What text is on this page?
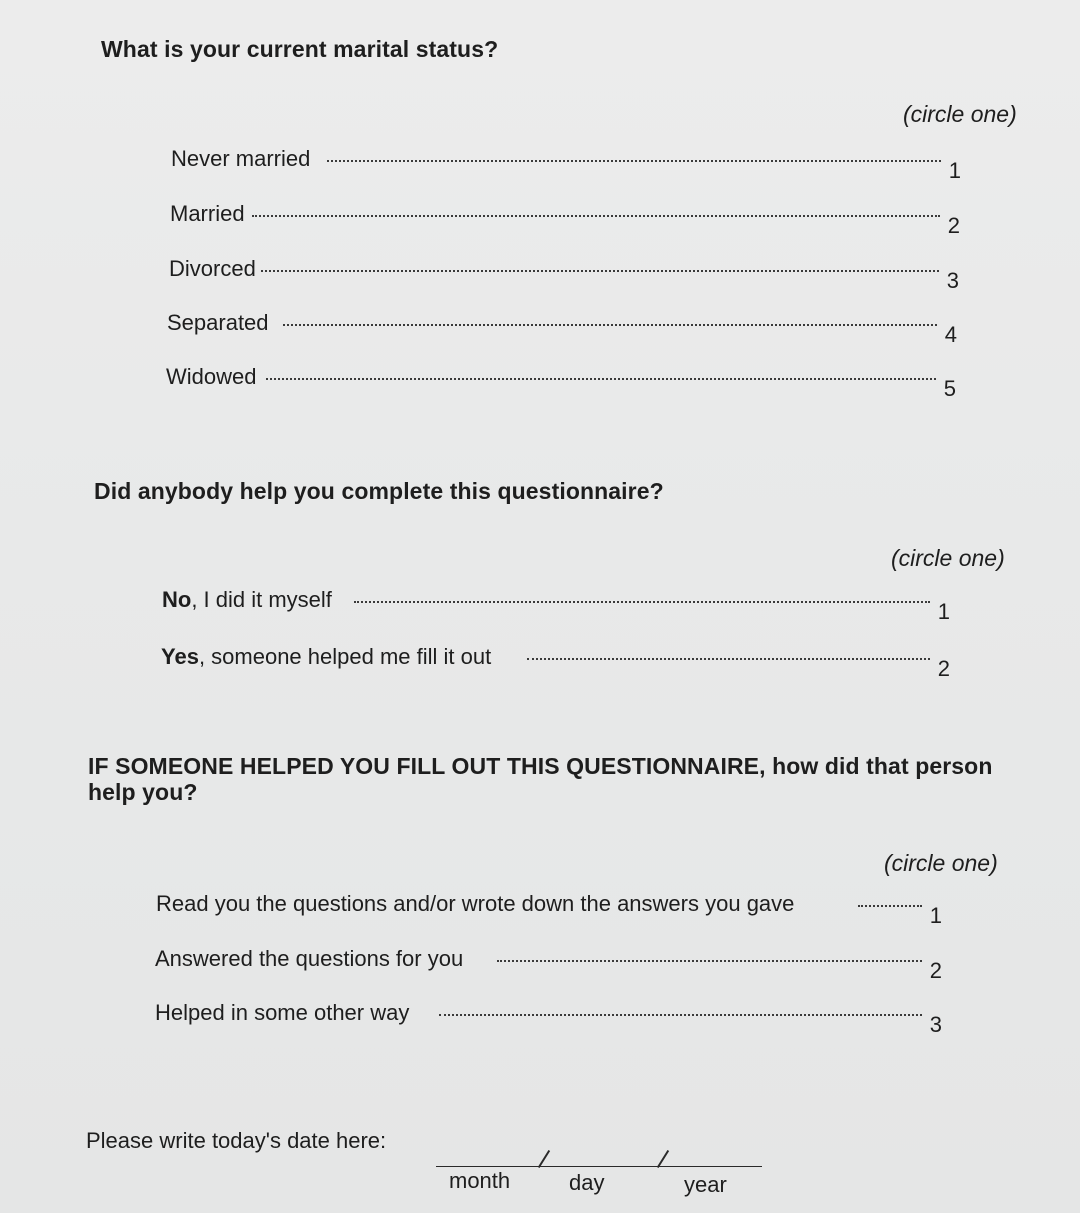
What is your current marital status?
(circle one)
Never married	1
Married	2
Divorced	3
Separated	4
Widowed	5
Did anybody help you complete this questionnaire?
(circle one)
No, I did it myself	1
Yes, someone helped me fill it out	2
IF SOMEONE HELPED YOU FILL OUT THIS QUESTIONNAIRE, how did that person help you?
(circle one)
Read you the questions and/or wrote down the answers you gave	1
Answered the questions for you	2
Helped in some other way	3
Please write today's date here:
month	day	year
